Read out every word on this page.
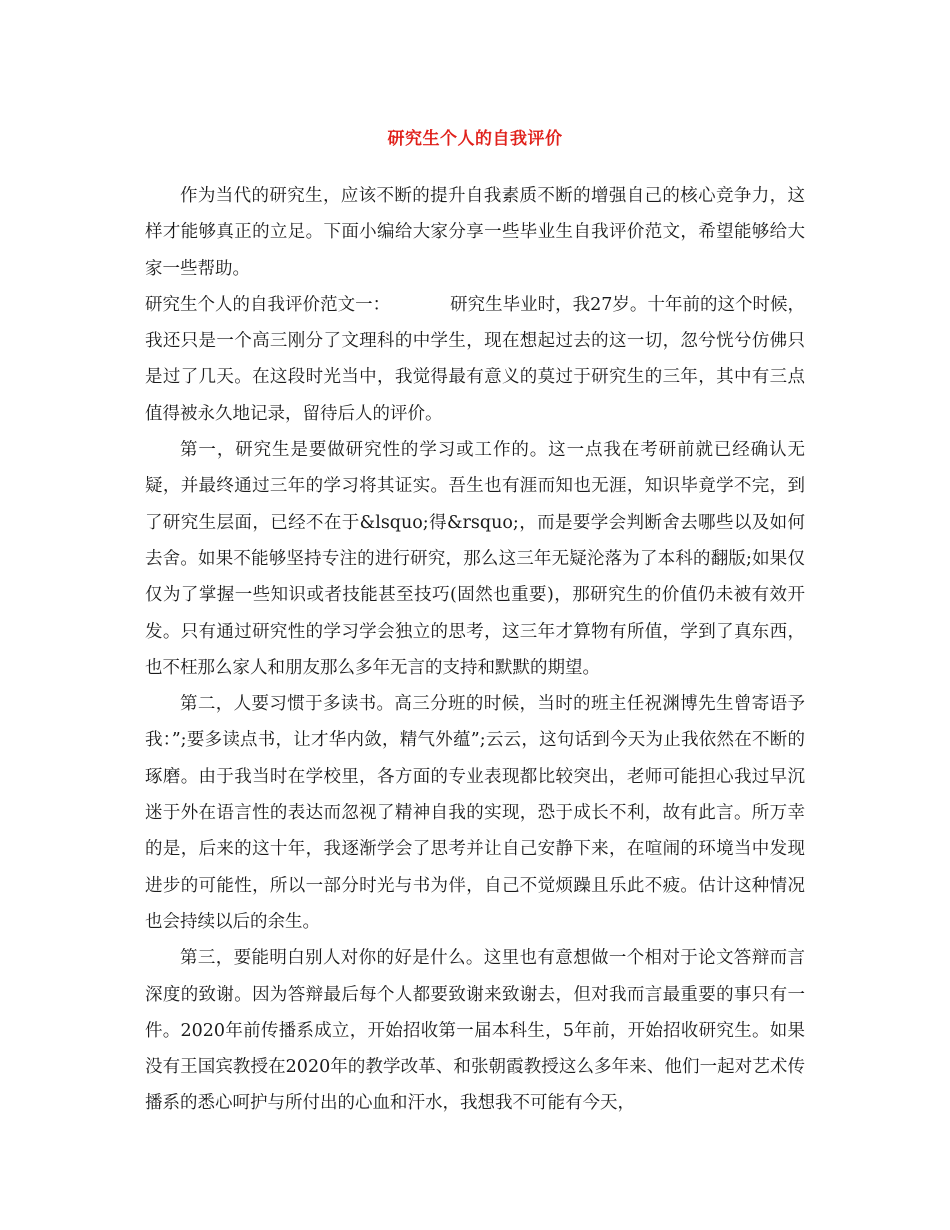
研究生个人的自我评价

作为当代的研究生，应该不断的提升自我素质不断的增强自己的核心竞争力，这样才能够真正的立足。下面小编给大家分享一些毕业生自我评价范文，希望能够给大家一些帮助。

研究生个人的自我评价范文一：	研究生毕业时，我27岁。十年前的这个时候，我还只是一个高三刚分了文理科的中学生，现在想起过去的这一切，忽兮恍兮仿佛只是过了几天。在这段时光当中，我觉得最有意义的莫过于研究生的三年，其中有三点值得被永久地记录，留待后人的评价。

第一，研究生是要做研究性的学习或工作的。这一点我在考研前就已经确认无疑，并最终通过三年的学习将其证实。吾生也有涯而知也无涯，知识毕竟学不完，到了研究生层面，已经不在于&lsquo;得&rsquo;，而是要学会判断舍去哪些以及如何去舍。如果不能够坚持专注的进行研究，那么这三年无疑沦落为了本科的翻版;如果仅仅为了掌握一些知识或者技能甚至技巧(固然也重要)，那研究生的价值仍未被有效开发。只有通过研究性的学习学会独立的思考，这三年才算物有所值，学到了真东西，也不枉那么家人和朋友那么多年无言的支持和默默的期望。

第二，人要习惯于多读书。高三分班的时候，当时的班主任祝渊博先生曾寄语予我：”;要多读点书，让才华内敛，精气外蕴”;云云，这句话到今天为止我依然在不断的琢磨。由于我当时在学校里，各方面的专业表现都比较突出，老师可能担心我过早沉迷于外在语言性的表达而忽视了精神自我的实现，恐于成长不利，故有此言。所万幸的是，后来的这十年，我逐渐学会了思考并让自己安静下来，在喧闹的环境当中发现进步的可能性，所以一部分时光与书为伴，自己不觉烦躁且乐此不疲。估计这种情况也会持续以后的余生。

第三，要能明白别人对你的好是什么。这里也有意想做一个相对于论文答辩而言深度的致谢。因为答辩最后每个人都要致谢来致谢去，但对我而言最重要的事只有一件。2020年前传播系成立，开始招收第一届本科生，5年前，开始招收研究生。如果没有王国宾教授在2020年的教学改革、和张朝霞教授这么多年来、他们一起对艺术传播系的悉心呵护与所付出的心血和汗水，我想我不可能有今天，
